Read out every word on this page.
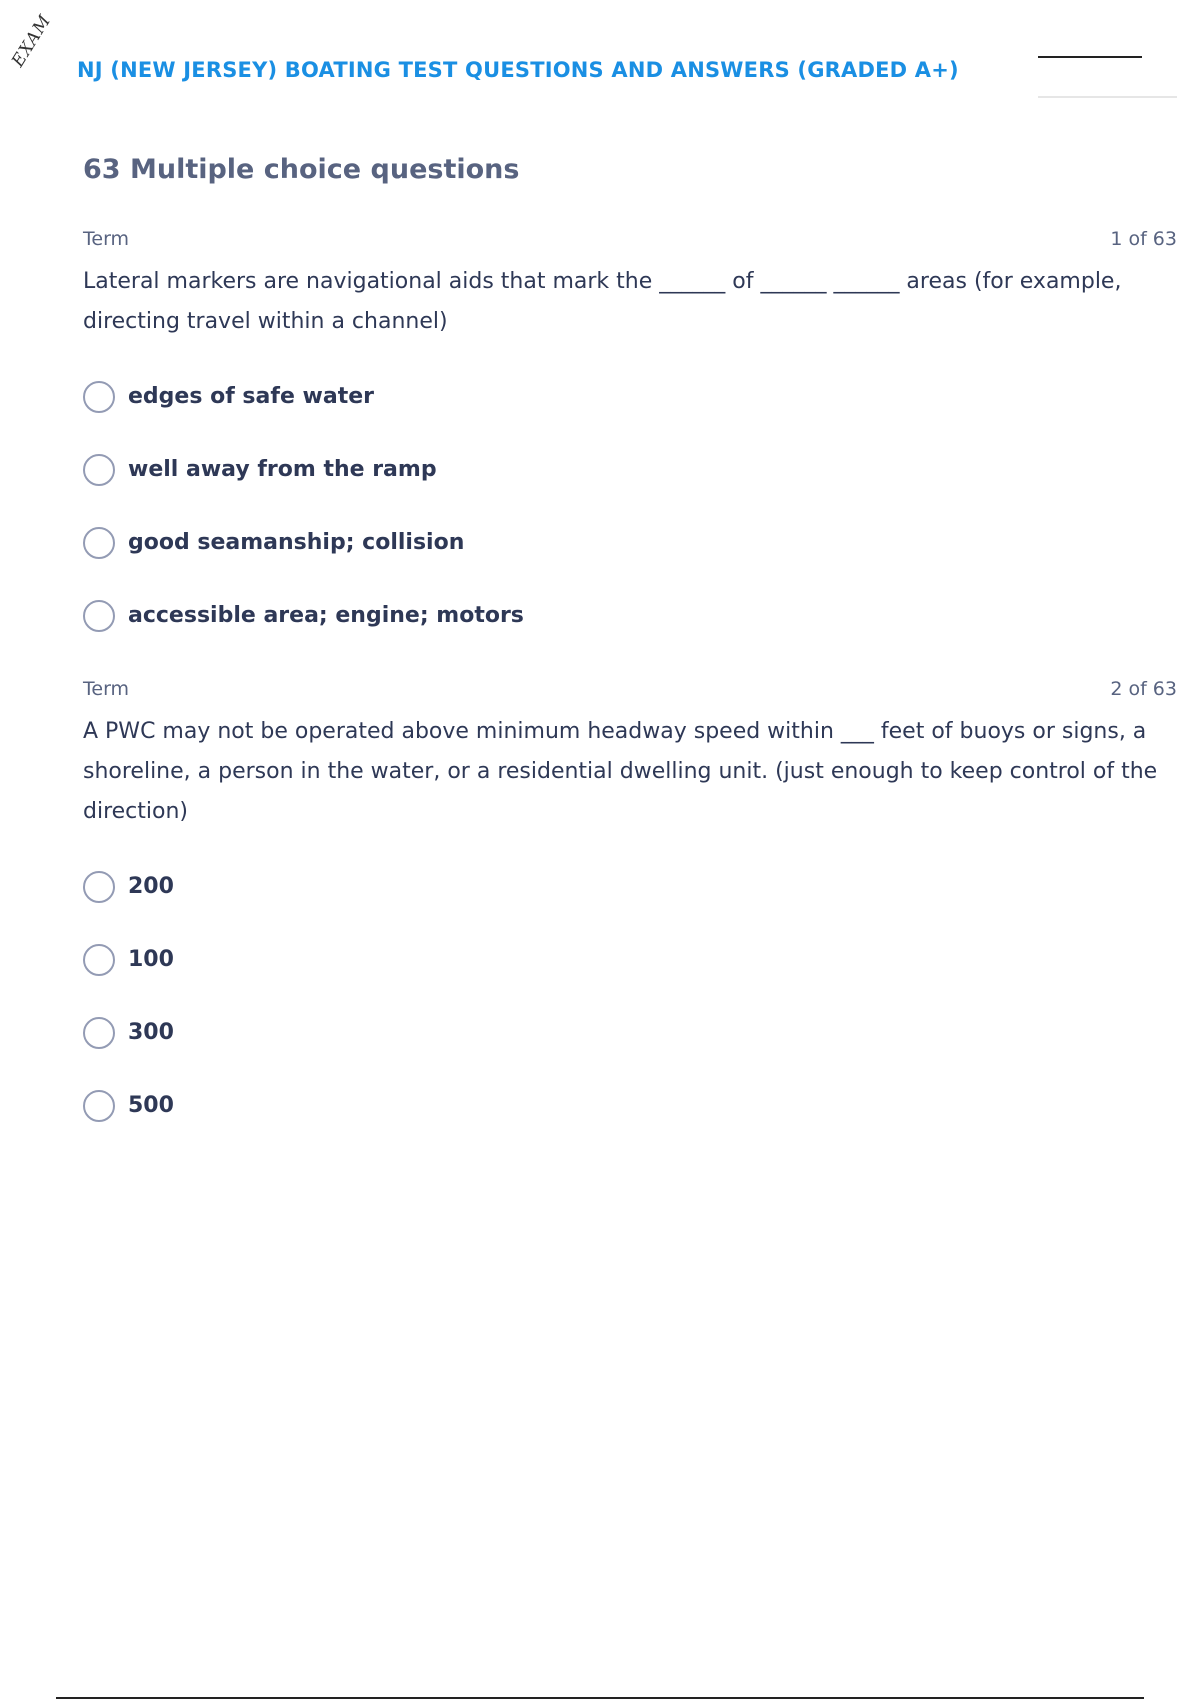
EXAM NJ (NEW JERSEY) BOATING TEST QUESTIONS AND ANSWERS (GRADED A+)
63 Multiple choice questions
Term	1 of 63
Lateral markers are navigational aids that mark the ______ of ______ ______ areas (for example, directing travel within a channel)
edges of safe water
well away from the ramp
good seamanship; collision
accessible area; engine; motors
Term	2 of 63
A PWC may not be operated above minimum headway speed within ___ feet of buoys or signs, a shoreline, a person in the water, or a residential dwelling unit. (just enough to keep control of the direction)
200
100
300
500
